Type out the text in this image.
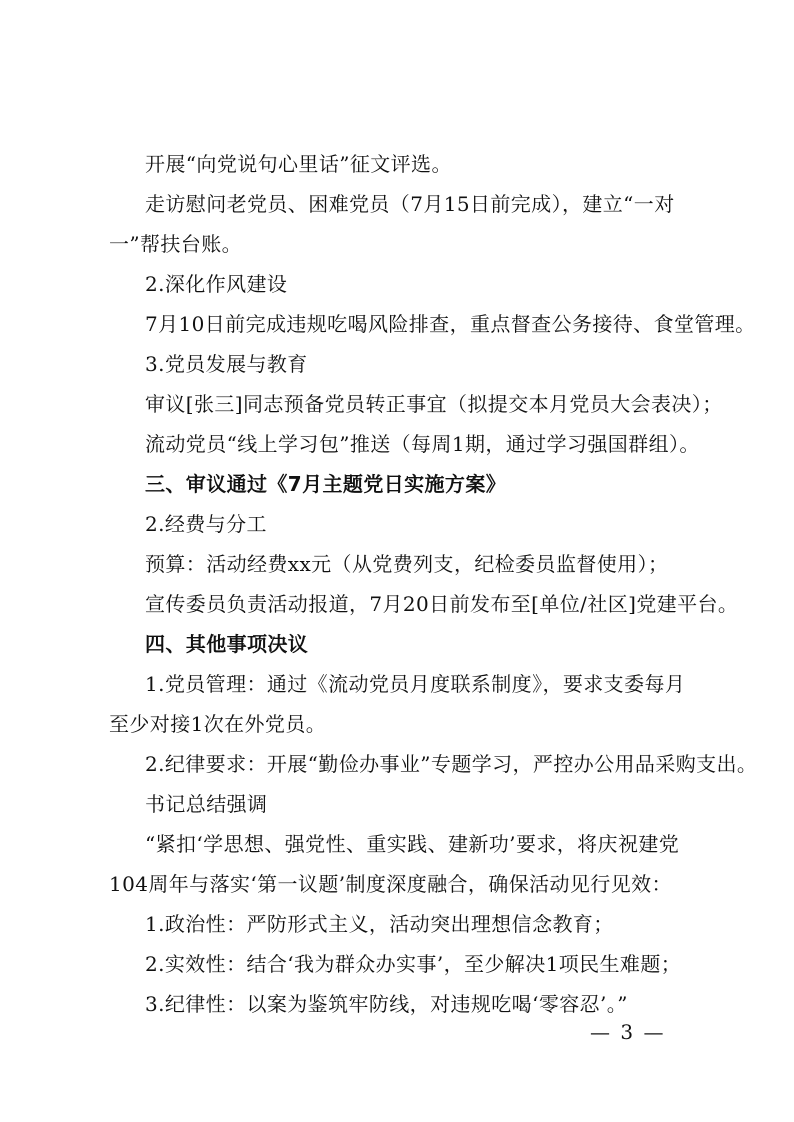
开展“向党说句心里话”征文评选。
走访慰问老党员、困难党员（7月15日前完成），建立“一对一”帮扶台账。
2.深化作风建设
7月10日前完成违规吃喝风险排查，重点督查公务接待、食堂管理。
3.党员发展与教育
审议[张三]同志预备党员转正事宜（拟提交本月党员大会表决）；
流动党员“线上学习包”推送（每周1期，通过学习强国群组）。
三、审议通过《7月主题党日实施方案》
2.经费与分工
预算：活动经费xx元（从党费列支，纪检委员监督使用）；
宣传委员负责活动报道，7月20日前发布至[单位/社区]党建平台。
四、其他事项决议
1.党员管理：通过《流动党员月度联系制度》，要求支委每月至少对接1次在外党员。
2.纪律要求：开展“勤俭办事业”专题学习，严控办公用品采购支出。
书记总结强调
“紧扣‘学思想、强党性、重实践、建新功’要求，将庆祝建党104周年与落实‘第一议题’制度深度融合，确保活动见行见效：
1.政治性：严防形式主义，活动突出理想信念教育；
2.实效性：结合‘我为群众办实事’，至少解决1项民生难题；
3.纪律性：以案为鉴筑牢防线，对违规吃喝‘零容忍’。”
— 3 —
